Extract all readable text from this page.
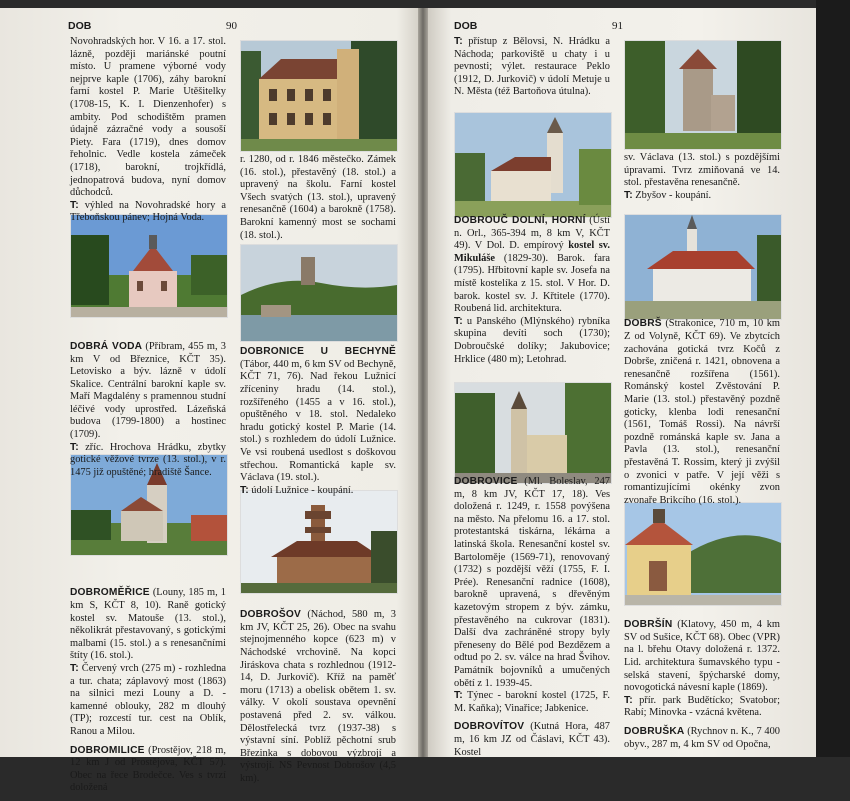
DOB	90

Novohradských hor. V 16. a 17. stol. lázně, později mariánské poutní místo. U pramene výborné vody nejprve kaple (1706), záhy barokní farní kostel P. Marie Utěšitelky (1708-15, K. I. Dienzenhofer) s ambity. Pod schodištěm pramen údajně zázračné vody a sousoší Piety. Fara (1719), dnes domov řeholnic. Vedle kostela zámeček (1718), barokní, trojkřídlá, jednopatrová budova, nyní domov důchodců.
T: výhled na Novohradské hory a Třeboňskou pánev; Hojná Voda.

DOBRÁ VODA (Příbram, 455 m, 3 km V od Březnice, KČT 35). Letovisko a býv. lázně v údolí Skalice. Centrální barokní kaple sv. Maří Magdalény s pramennou studní léčivé vody uprostřed. Lázeňská budova (1799-1800) a hostinec (1709).
T: zříc. Hrochova Hrádku, zbytky gotické věžové tvrze (13. stol.), v r. 1475 již opuštěné; hradiště Šance.

DOBROMĚŘICE (Louny, 185 m, 1 km S, KČT 8, 10). Raně gotický kostel sv. Matouše (13. stol.), několikrát přestavovaný, s gotickými malbami (15. stol.) a s renesančními štíty (16. stol.).
T: Červený vrch (275 m) - rozhledna a tur. chata; záplavový most (1863) na silnici mezi Louny a D. - kamenné oblouky, 282 m dlouhý (TP); rozcestí tur. cest na Oblík, Ranou a Milou.

DOBROMILICE (Prostějov, 218 m, 12 km J od Prostějova, KČT 57). Obec na řece Brodečce. Ves s tvrzí doložená

r. 1280, od r. 1846 městečko. Zámek (16. stol.), přestavěný (18. stol.) a upravený na školu. Farní kostel Všech svatých (13. stol.), upravený renesančně (1604) a barokně (1758). Barokní kamenný most se sochami (18. stol.).

DOBRONICE U BECHYNĚ (Tábor, 440 m, 6 km SV od Bechyně, KČT 71, 76). Nad řekou Lužnicí zříceniny hradu (14. stol.), rozšířeného (1455 a v 16. stol.), opuštěného v 18. stol. Nedaleko hradu gotický kostel P. Marie (14. stol.) s rozhledem do údolí Lužnice. Ve vsi roubená usedlost s doškovou střechou. Romantická kaple sv. Václava (19. stol.).
T: údolí Lužnice - koupání.

DOBROŠOV (Náchod, 580 m, 3 km JV, KČT 25, 26). Obec na svahu stejnojmenného kopce (623 m) v Náchodské vrchovině. Na kopci Jiráskova chata s rozhlednou (1912-14, D. Jurkovič). Kříž na paměť moru (1713) a obelisk obětem 1. sv. války. V okolí soustava opevnění postavená před 2. sv. válkou. Dělostřelecká tvrz (1937-38) s výstavní síní. Poblíž pěchotní srub Březinka s dobovou výzbrojí a výstrojí. NS Pevnost Dobrošov (4,5 km).

DOB	91

T: přístup z Bělovsi, N. Hrádku a Náchoda; parkoviště u chaty i u pevnosti; výlet. restaurace Peklo (1912, D. Jurkovič) v údolí Metuje u N. Města (též Bartoňova útulna).

DOBROUČ DOLNÍ, HORNÍ (Ústí n. Orl., 365-394 m, 8 km V, KČT 49). V Dol. D. empírový kostel sv. Mikuláše (1829-30). Barok. fara (1795). Hřbitovní kaple sv. Josefa na místě kostelíka z 15. stol. V Hor. D. barok. kostel sv. J. Křtitele (1770). Roubená lid. architektura.
T: u Panského (Mlýnského) rybníka skupina devíti soch (1730); Dobroučské dolíky; Jakubovice; Hrklice (480 m); Letohrad.

DOBROVICE (Ml. Boleslav, 247 m, 8 km JV, KČT 17, 18). Ves doložená r. 1249, r. 1558 povýšena na město. Na přelomu 16. a 17. stol. protestantská tiskárna, lékárna a latinská škola. Renesanční kostel sv. Bartoloměje (1569-71), renovovaný (1732) s pozdější věží (1755, F. I. Prée). Renesanční radnice (1608), barokně upravená, s dřevěným kazetovým stropem z býv. zámku, přestavěného na cukrovar (1831). Další dva zachráněné stropy byly přeneseny do Bělé pod Bezdězem a odtud po 2. sv. válce na hrad Švihov. Památník bojovníků a umučených obětí z 1. 1939-45.
T: Týnec - barokní kostel (1725, F. M. Kaňka); Vinařice; Jabkenice.

DOBROVÍTOV (Kutná Hora, 487 m, 16 km JZ od Čáslavi, KČT 43). Kostel

sv. Václava (13. stol.) s pozdějšími úpravami. Tvrz zmiňovaná ve 14. stol. přestavěna renesančně.
T: Zbyšov - koupání.

DOBRŠ (Strakonice, 710 m, 10 km Z od Volyně, KČT 69). Ve zbytcích zachována gotická tvrz Kočů z Dobrše, zničená r. 1421, obnovena a renesančně rozšířena (1561). Románský kostel Zvěstování P. Marie (13. stol.) přestavěný pozdně goticky, klenba lodi renesanční (1561, Tomáš Rossi). Na návrší pozdně románská kaple sv. Jana a Pavla (13. stol.), renesanční přestavěná T. Rossim, který ji zvýšil o zvonici v patře. V její věži s romantizujícími okénky zvon zvonaře Brikcího (16. stol.).

DOBRŠÍN (Klatovy, 450 m, 4 km SV od Sušice, KČT 68). Obec (VPR) na l. břehu Otavy doložená r. 1372. Lid. architektura šumavského typu - selská stavení, špýcharské domy, novogotická návesní kaple (1869).
T: přír. park Budětícko; Svatobor; Rabí; Minovka - vzácná květena.

DOBRUŠKA (Rychnov n. K., 7 400 obyv., 287 m, 4 km SV od Opočna,
